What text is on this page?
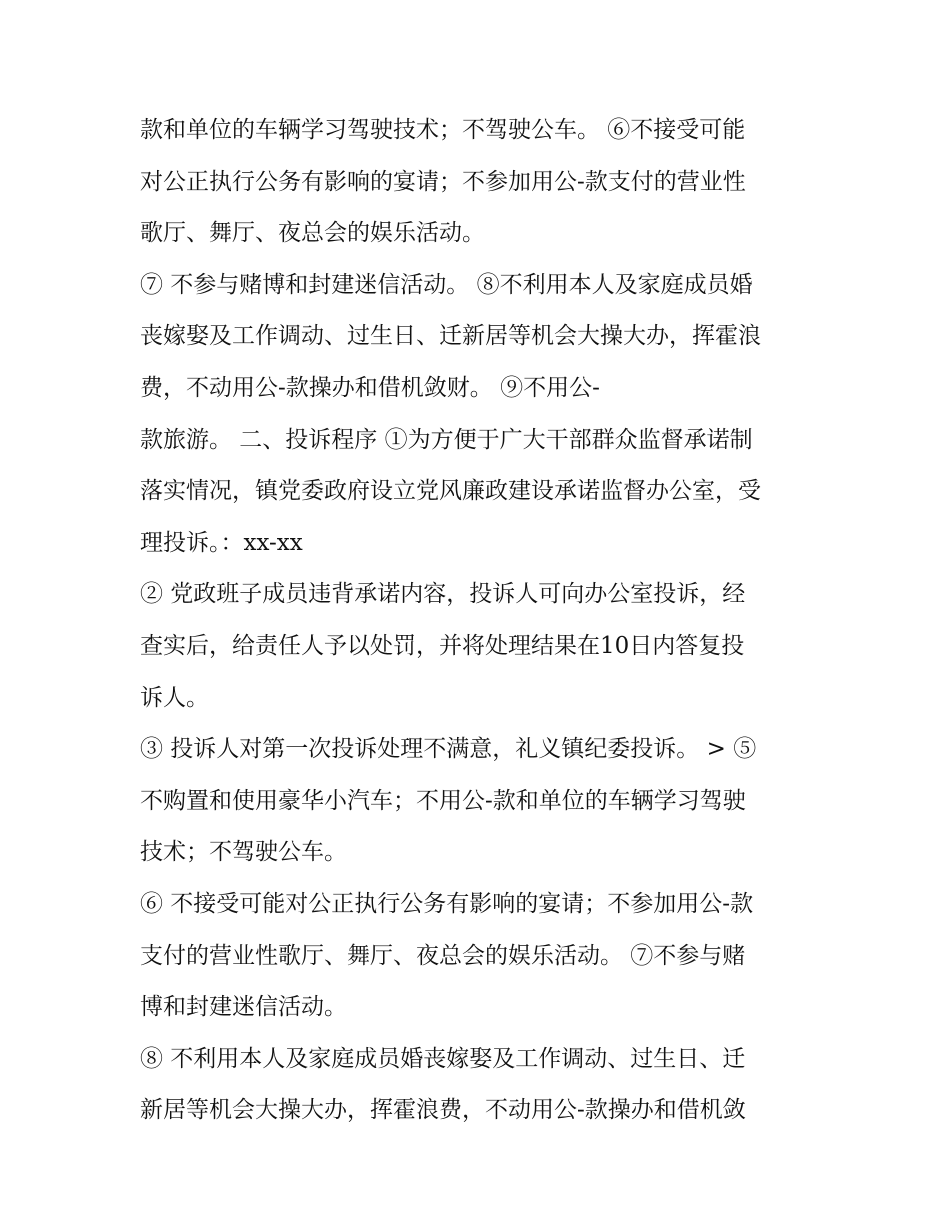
款和单位的车辆学习驾驶技术；不驾驶公车。 ⑥不接受可能
对公正执行公务有影响的宴请；不参加用公-款支付的营业性
歌厅、舞厅、夜总会的娱乐活动。
⑦ 不参与赌博和封建迷信活动。 ⑧不利用本人及家庭成员婚
丧嫁娶及工作调动、过生日、迁新居等机会大操大办，挥霍浪
费，不动用公-款操办和借机敛财。 ⑨不用公-
款旅游。 二、投诉程序 ①为方便于广大干部群众监督承诺制
落实情况，镇党委政府设立党风廉政建设承诺监督办公室，受
理投诉。：xx-xx
② 党政班子成员违背承诺内容，投诉人可向办公室投诉，经
查实后，给责任人予以处罚，并将处理结果在10日内答复投
诉人。
③ 投诉人对第一次投诉处理不满意，礼义镇纪委投诉。 > ⑤
不购置和使用豪华小汽车；不用公-款和单位的车辆学习驾驶
技术；不驾驶公车。
⑥ 不接受可能对公正执行公务有影响的宴请；不参加用公-款
支付的营业性歌厅、舞厅、夜总会的娱乐活动。 ⑦不参与赌
博和封建迷信活动。
⑧ 不利用本人及家庭成员婚丧嫁娶及工作调动、过生日、迁
新居等机会大操大办，挥霍浪费，不动用公-款操办和借机敛
